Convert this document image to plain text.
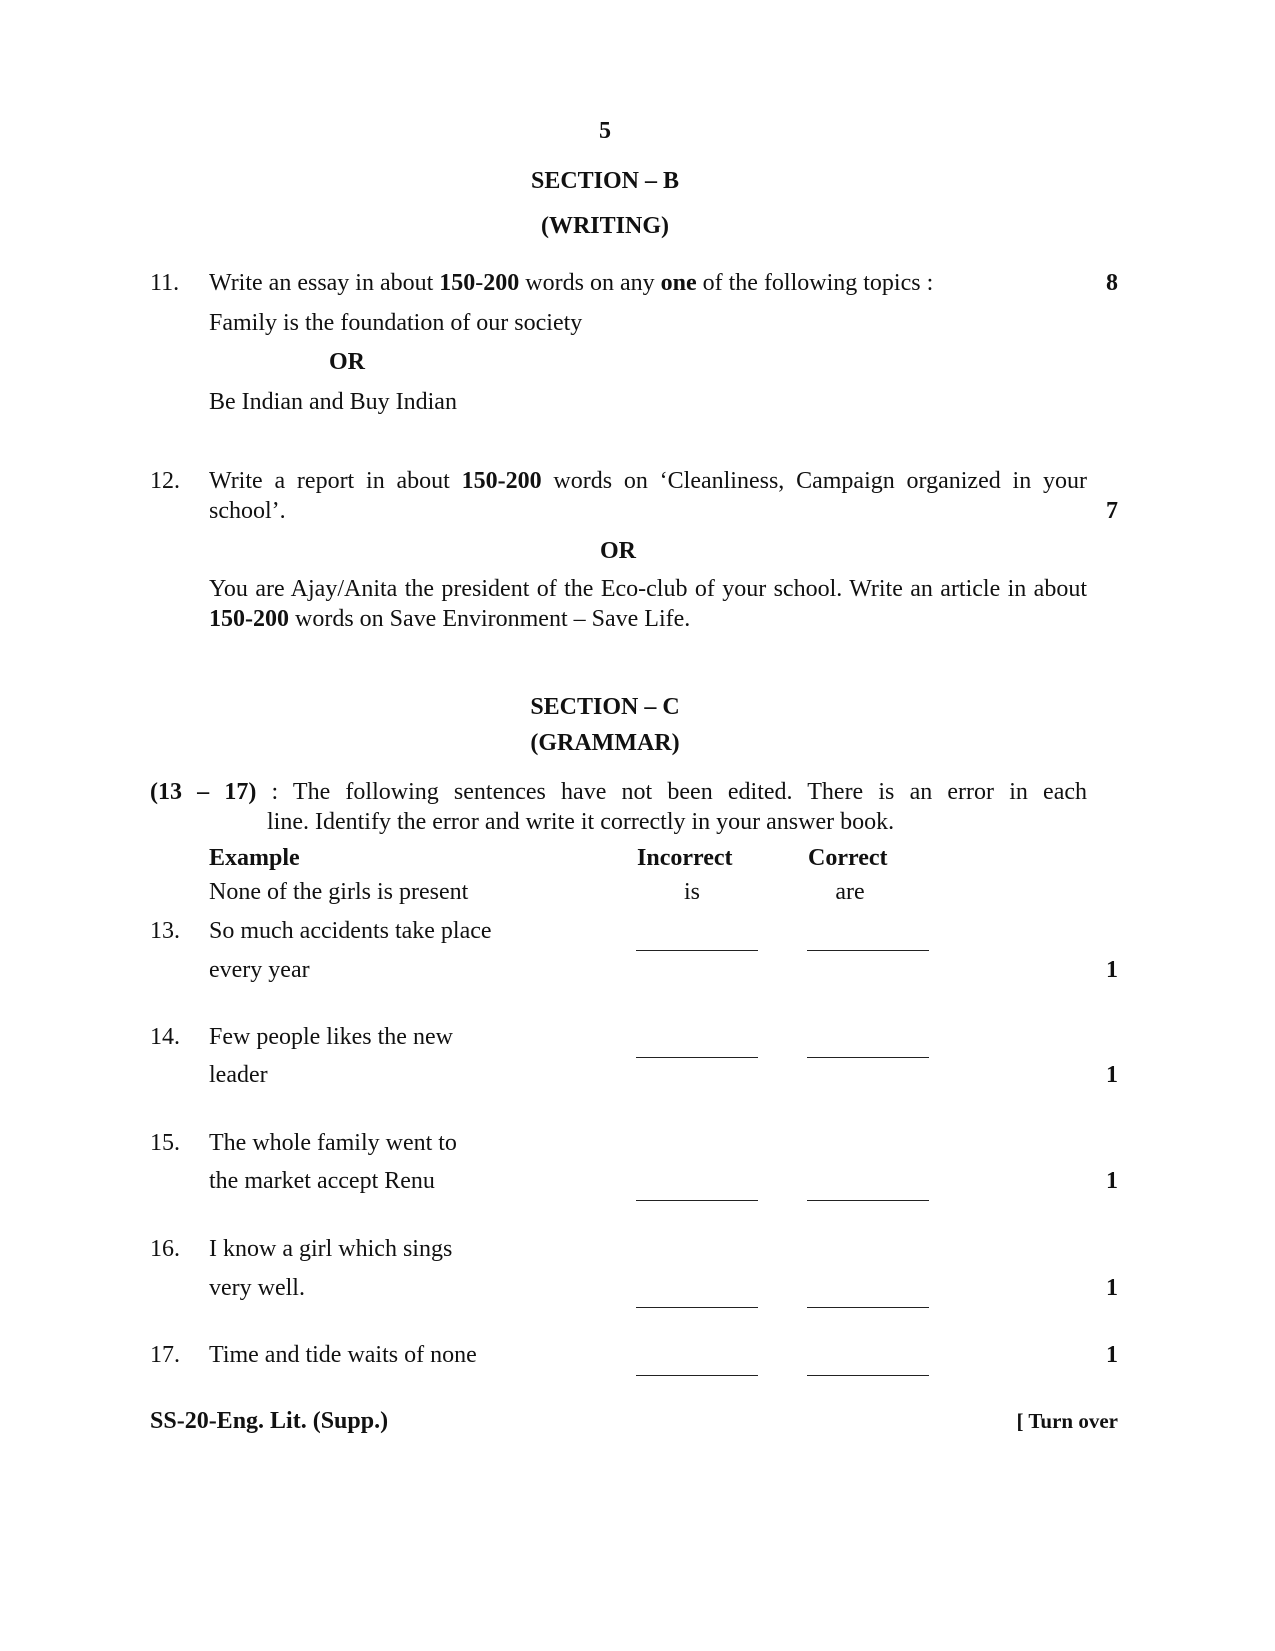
5
SECTION – B
(WRITING)
11. Write an essay in about 150-200 words on any one of the following topics :	8
Family is the foundation of our society
OR
Be Indian and Buy Indian
12. Write a report in about 150-200 words on ‘Cleanliness, Campaign organized in your school’.	7
OR
You are Ajay/Anita the president of the Eco-club of your school. Write an article in about 150-200 words on Save Environment – Save Life.
SECTION – C
(GRAMMAR)
(13 – 17) : The following sentences have not been edited. There is an error in each
line. Identify the error and write it correctly in your answer book.
Example	Incorrect	Correct
None of the girls is present	is	are
13. So much accidents take place
every year	1
14. Few people likes the new
leader	1
15. The whole family went to
the market accept Renu	1
16. I know a girl which sings
very well.	1
17. Time and tide waits of none	1
SS-20-Eng. Lit. (Supp.)	[ Turn over
